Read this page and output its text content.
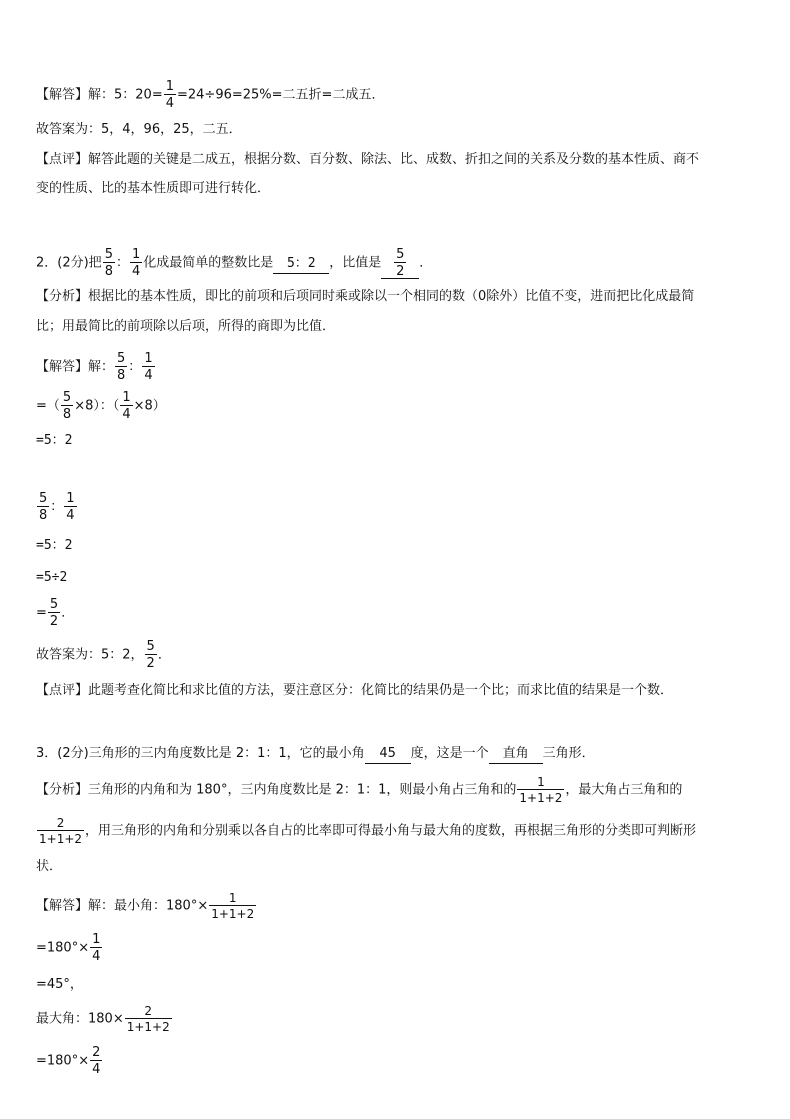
【解答】解：5：$20= \frac{1}{4} =24\div 96=25\%=$二五折=二成五．
故答案为：5，4，96，25，二五．
【点评】解答此题的关键是二成五，根据分数、百分数、除法、比、成数、折扣之间的关系及分数的基本性质、商不
变的性质、比的基本性质即可进行转化．
2．(2分)把 $\frac{5}{8}$ ： $\frac{1}{4}$ 化成最简单的整数比是 5：2 ，比值是 $\frac{5}{2}$ ．
【分析】根据比的基本性质，即比的前项和后项同时乘或除以一个相同的数（0除外）比值不变，进而把比化成最简
比；用最简比的前项除以后项，所得的商即为比值．
【解答】解： $\frac{5}{8}$ ： $\frac{1}{4}$
=（ $\frac{5}{8} \times 8$）：（ $\frac{1}{4} \times 8$）
=5：2
$\frac{5}{8}$ ： $\frac{1}{4}$
=5：2
=5÷2
= $\frac{5}{2}$ ．
故答案为：5：2， $\frac{5}{2}$ ．
【点评】此题考查化简比和求比值的方法，要注意区分：化简比的结果仍是一个比；而求比值的结果是一个数．
3．(2分)三角形的三内角度数比是 2：1：1，它的最小角 45 度，这是一个 直角 三角形．
【分析】三角形的内角和为 180°，三内角度数比是 2：1：1，则最小角占三角和的 $\frac{1}{1+1+2}$ ，最大角占三角和的
$\frac{2}{1+1+2}$ ，用三角形的内角和分别乘以各自占的比率即可得最小角与最大角的度数，再根据三角形的分类即可判断形
状．
【解答】解：最小角：$180^\circ\times \frac{1}{1+1+2}$
$=180^\circ\times \frac{1}{4}$
=45°，
最大角：$180\times \frac{2}{1+1+2}$
$=180^\circ\times \frac{2}{4}$
